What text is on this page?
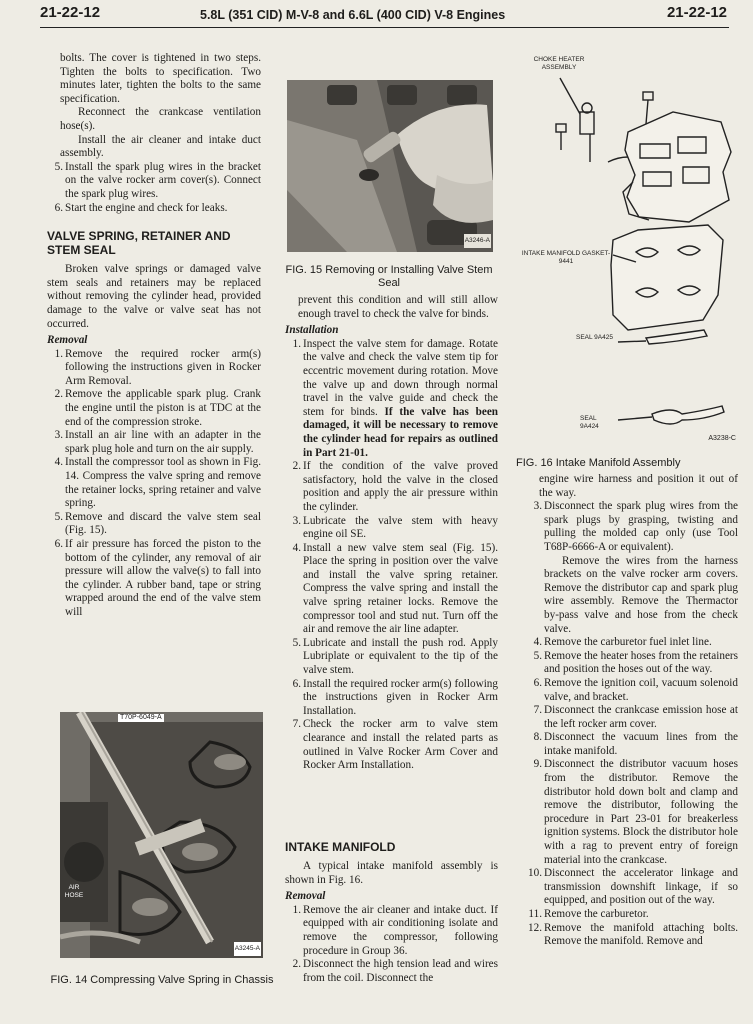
21-22-12	5.8L (351 CID) M-V-8 and 6.6L (400 CID) V-8 Engines	21-22-12

bolts. The cover is tightened in two steps. Tighten the bolts to specification. Two minutes later, tighten the bolts to the same specification.

Reconnect the crankcase ventilation hose(s).

Install the air cleaner and intake duct assembly.

5. Install the spark plug wires in the bracket on the valve rocker arm cover(s). Connect the spark plug wires.
6. Start the engine and check for leaks.
VALVE SPRING, RETAINER AND STEM SEAL

Broken valve springs or damaged valve stem seals and retainers may be replaced without removing the cylinder head, provided damage to the valve or valve seat has not occurred.

Removal

1. Remove the required rocker arm(s) following the instructions given in Rocker Arm Removal.
2. Remove the applicable spark plug. Crank the engine until the piston is at TDC at the end of the compression stroke.
3. Install an air line with an adapter in the spark plug hole and turn on the air supply.
4. Install the compressor tool as shown in Fig. 14. Compress the valve spring and remove the retainer locks, spring retainer and valve spring.
5. Remove and discard the valve stem seal (Fig. 15).
6. If air pressure has forced the piston to the bottom of the cylinder, any removal of air pressure will allow the valve(s) to fall into the cylinder. A rubber band, tape or string wrapped around the end of the valve stem will
T70P-6049-A
AIR HOSE
A3245-A
FIG. 14 Compressing Valve Spring in Chassis
A3246-A
FIG. 15 Removing or Installing Valve Stem Seal

prevent this condition and will still allow enough travel to check the valve for binds.

Installation

1. Inspect the valve stem for damage. Rotate the valve and check the valve stem tip for eccentric movement during rotation. Move the valve up and down through normal travel in the valve guide and check the stem for binds. If the valve has been damaged, it will be necessary to remove the cylinder head for repairs as outlined in Part 21-01.
2. If the condition of the valve proved satisfactory, hold the valve in the closed position and apply the air pressure within the cylinder.
3. Lubricate the valve stem with heavy engine oil SE.
4. Install a new valve stem seal (Fig. 15). Place the spring in position over the valve and install the valve spring retainer. Compress the valve spring and install the valve spring retainer locks. Remove the compressor tool and stud nut. Turn off the air and remove the air line adapter.
5. Lubricate and install the push rod. Apply Lubriplate or equivalent to the tip of the valve stem.
6. Install the required rocker arm(s) following the instructions given in Rocker Arm Installation.
7. Check the rocker arm to valve stem clearance and install the related parts as outlined in Valve Rocker Arm Cover and Rocker Arm Installation.
INTAKE MANIFOLD

A typical intake manifold assembly is shown in Fig. 16.

Removal

1. Remove the air cleaner and intake duct. If equipped with air conditioning isolate and remove the compressor, following procedure in Group 36.
2. Disconnect the high tension lead and wires from the coil. Disconnect the
CHOKE HEATER ASSEMBLY
INTAKE MANIFOLD GASKET-9441
SEAL 9A425
SEAL 9A424
A3238-C
FIG. 16 Intake Manifold Assembly

engine wire harness and position it out of the way.

3. Disconnect the spark plug wires from the spark plugs by grasping, twisting and pulling the molded cap only (use Tool T68P-6666-A or equivalent).

Remove the wires from the harness brackets on the valve rocker arm covers. Remove the distributor cap and spark plug wire assembly. Remove the Thermactor by-pass valve and hose from the check valve.

4. Remove the carburetor fuel inlet line.
5. Remove the heater hoses from the retainers and position the hoses out of the way.
6. Remove the ignition coil, vacuum solenoid valve, and bracket.
7. Disconnect the crankcase emission hose at the left rocker arm cover.
8. Disconnect the vacuum lines from the intake manifold.
9. Disconnect the distributor vacuum hoses from the distributor. Remove the distributor hold down bolt and clamp and remove the distributor, following the procedure in Part 23-01 for breakerless ignition systems. Block the distributor hole with a rag to prevent entry of foreign material into the crankcase.
10. Disconnect the accelerator linkage and transmission downshift linkage, if so equipped, and position out of the way.
11. Remove the carburetor.
12. Remove the manifold attaching bolts. Remove the manifold. Remove and
